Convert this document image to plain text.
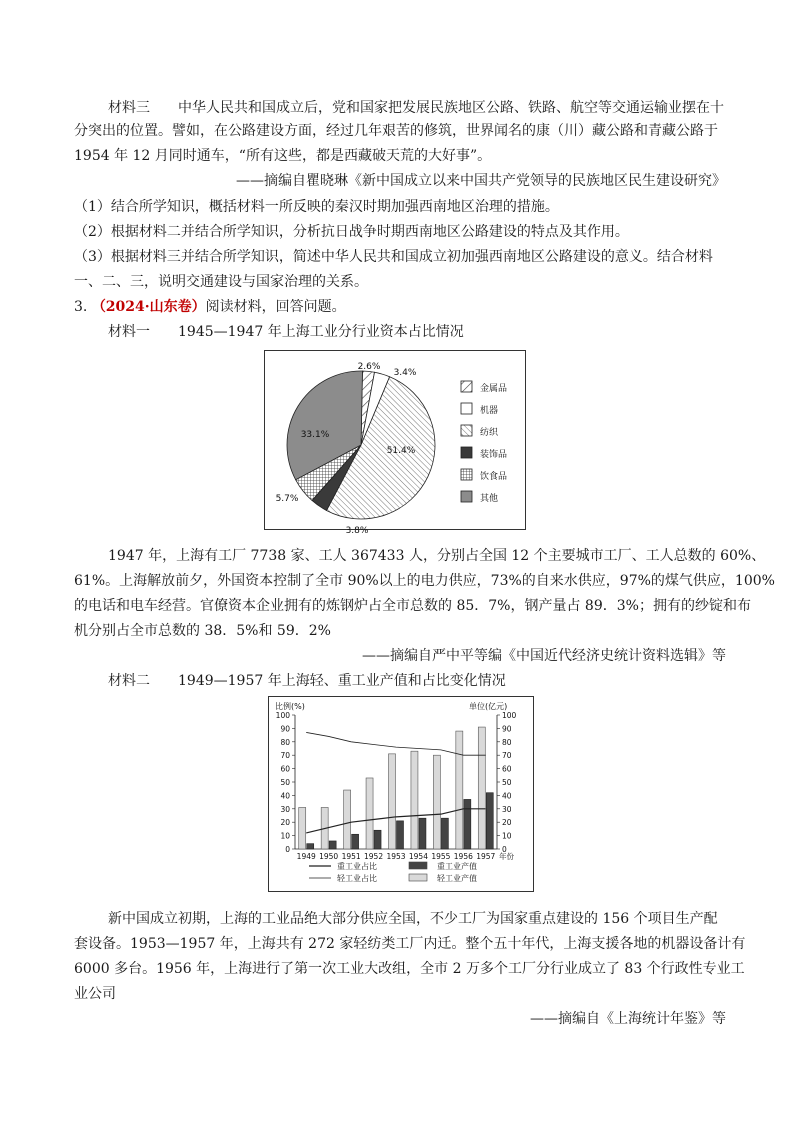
材料三　　中华人民共和国成立后，党和国家把发展民族地区公路、铁路、航空等交通运输业摆在十
分突出的位置。譬如，在公路建设方面，经过几年艰苦的修筑，世界闻名的康（川）藏公路和青藏公路于
1954 年 12 月同时通车，“所有这些，都是西藏破天荒的大好事”。
——摘编自瞿晓琳《新中国成立以来中国共产党领导的民族地区民生建设研究》
（1）结合所学知识，概括材料一所反映的秦汉时期加强西南地区治理的措施。
（2）根据材料二并结合所学知识，分析抗日战争时期西南地区公路建设的特点及其作用。
（3）根据材料三并结合所学知识，简述中华人民共和国成立初加强西南地区公路建设的意义。结合材料
一、二、三，说明交通建设与国家治理的关系。
3. （2024·山东卷）阅读材料，回答问题。
材料一　　1945—1947 年上海工业分行业资本占比情况
2.6%
3.4%
51.4%
3.8%
5.7%
33.1%
金属品
机器
纺织
装饰品
饮食品
其他
1947 年，上海有工厂 7738 家、工人 367433 人，分别占全国 12 个主要城市工厂、工人总数的 60%、
61%。上海解放前夕，外国资本控制了全市 90%以上的电力供应，73%的自来水供应，97%的煤气供应，100%
的电话和电车经营。官僚资本企业拥有的炼钢炉占全市总数的 85．7%，钢产量占 89．3%；拥有的纱锭和布
机分别占全市总数的 38．5%和 59．2%
——摘编自严中平等编《中国近代经济史统计资料选辑》等
材料二　　1949—1957 年上海轻、重工业产值和占比变化情况
比例(%)	单位(亿元)
0	0
10	10
20	20
30	30
40	40
50	50
60	60
70	70
80	80
90	90
100	100
1949 1950 1951 1952 1953 1954 1955 1956 1957 年份
重工业占比	重工业产值
轻工业占比	轻工业产值
新中国成立初期，上海的工业品绝大部分供应全国，不少工厂为国家重点建设的 156 个项目生产配
套设备。1953—1957 年，上海共有 272 家轻纺类工厂内迁。整个五十年代，上海支援各地的机器设备计有
6000 多台。1956 年，上海进行了第一次工业大改组，全市 2 万多个工厂分行业成立了 83 个行政性专业工
业公司
——摘编自《上海统计年鉴》等
